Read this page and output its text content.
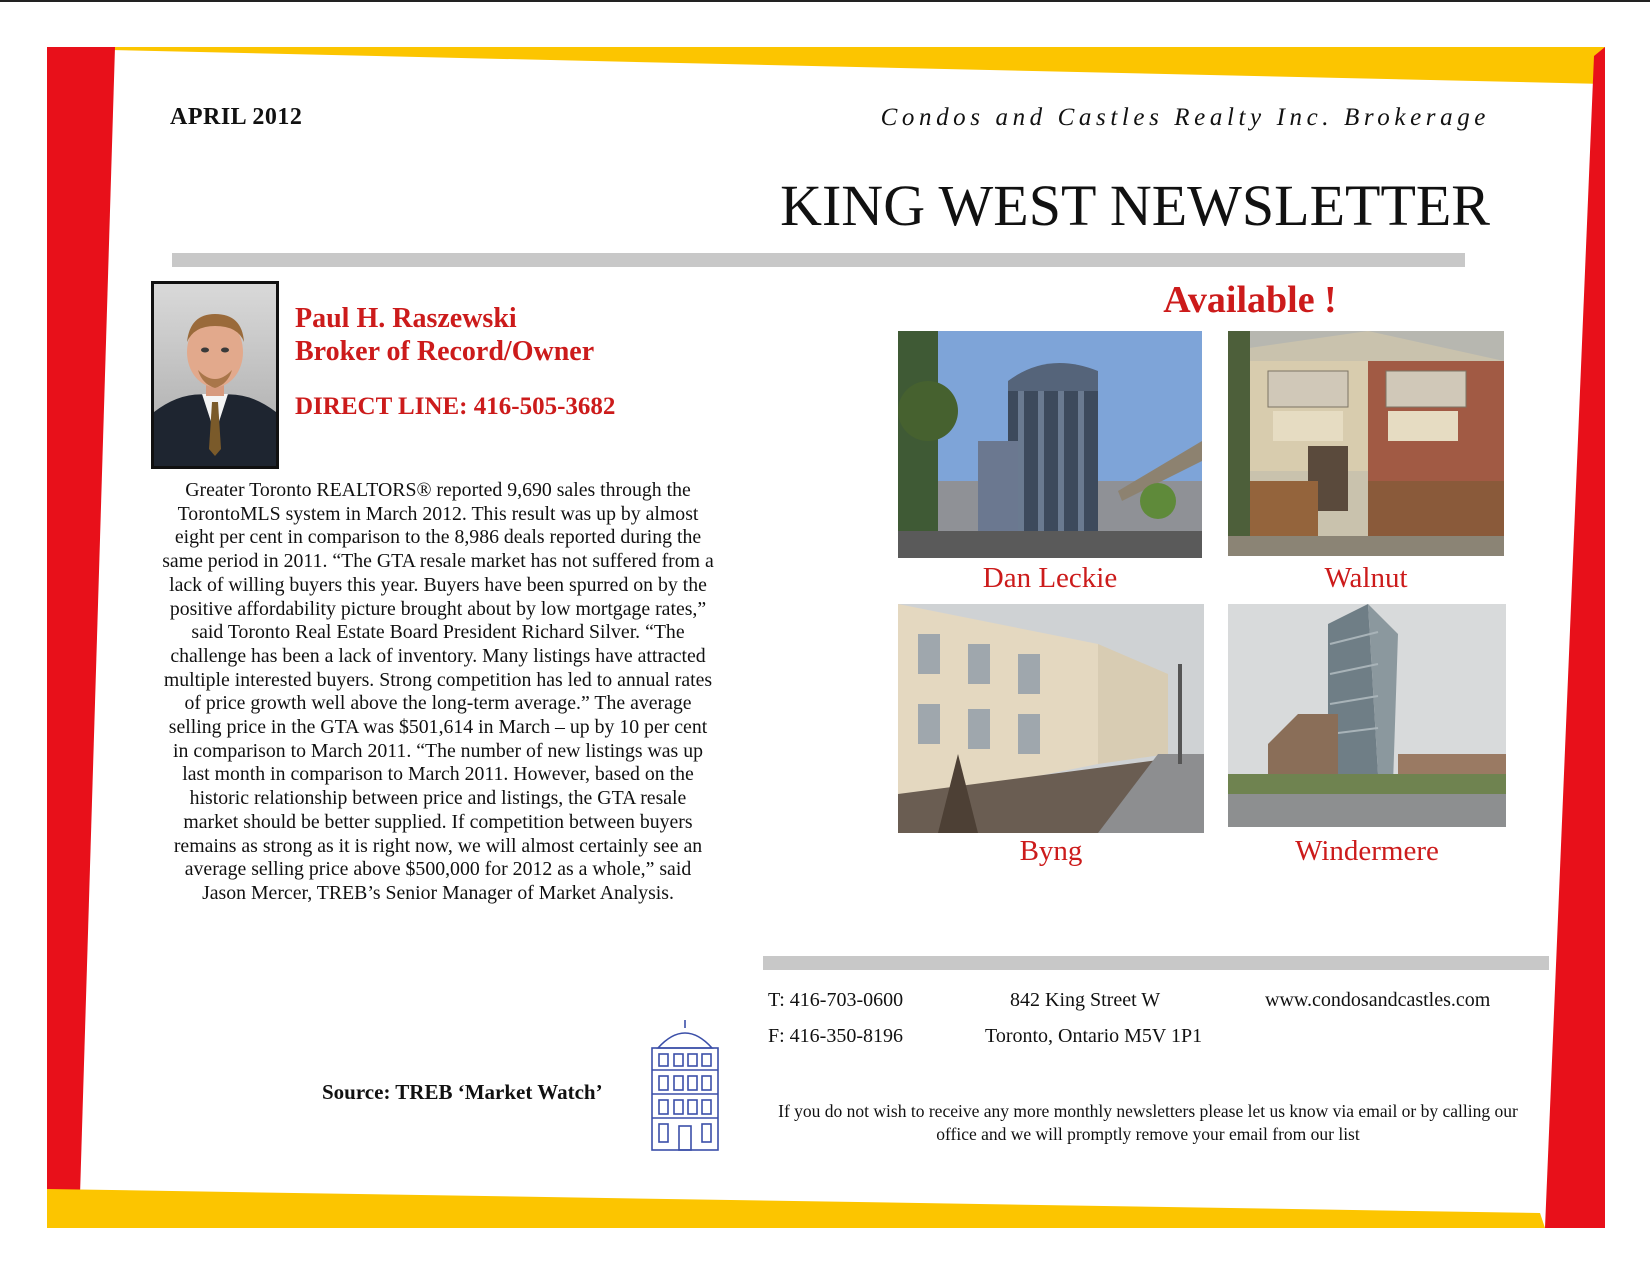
APRIL 2012	Condos and Castles Realty Inc. Brokerage
KING WEST NEWSLETTER
Paul H. Raszewski
Broker of Record/Owner
DIRECT LINE: 416-505-3682
Greater Toronto REALTORS® reported 9,690 sales through the TorontoMLS system in March 2012. This result was up by almost eight per cent in comparison to the 8,986 deals reported during the same period in 2011. “The GTA resale market has not suffered from a lack of willing buyers this year. Buyers have been spurred on by the positive affordability picture brought about by low mortgage rates,” said Toronto Real Estate Board President Richard Silver. “The challenge has been a lack of inventory. Many listings have attracted multiple interested buyers. Strong competition has led to annual rates of price growth well above the long-term average.” The average selling price in the GTA was $501,614 in March – up by 10 per cent in comparison to March 2011. “The number of new listings was up last month in comparison to March 2011. However, based on the historic relationship between price and listings, the GTA resale market should be better supplied. If competition between buyers remains as strong as it is right now, we will almost certainly see an average selling price above $500,000 for 2012 as a whole,” said Jason Mercer, TREB’s Senior Manager of Market Analysis.
Source: TREB ‘Market Watch’
Available !
Dan Leckie	Walnut
Byng	Windermere
T: 416-703-0600
F: 416-350-8196
842 King Street W
Toronto, Ontario M5V 1P1
www.condosandcastles.com
If you do not wish to receive any more monthly newsletters please let us know via email or by calling our office and we will promptly remove your email from our list
